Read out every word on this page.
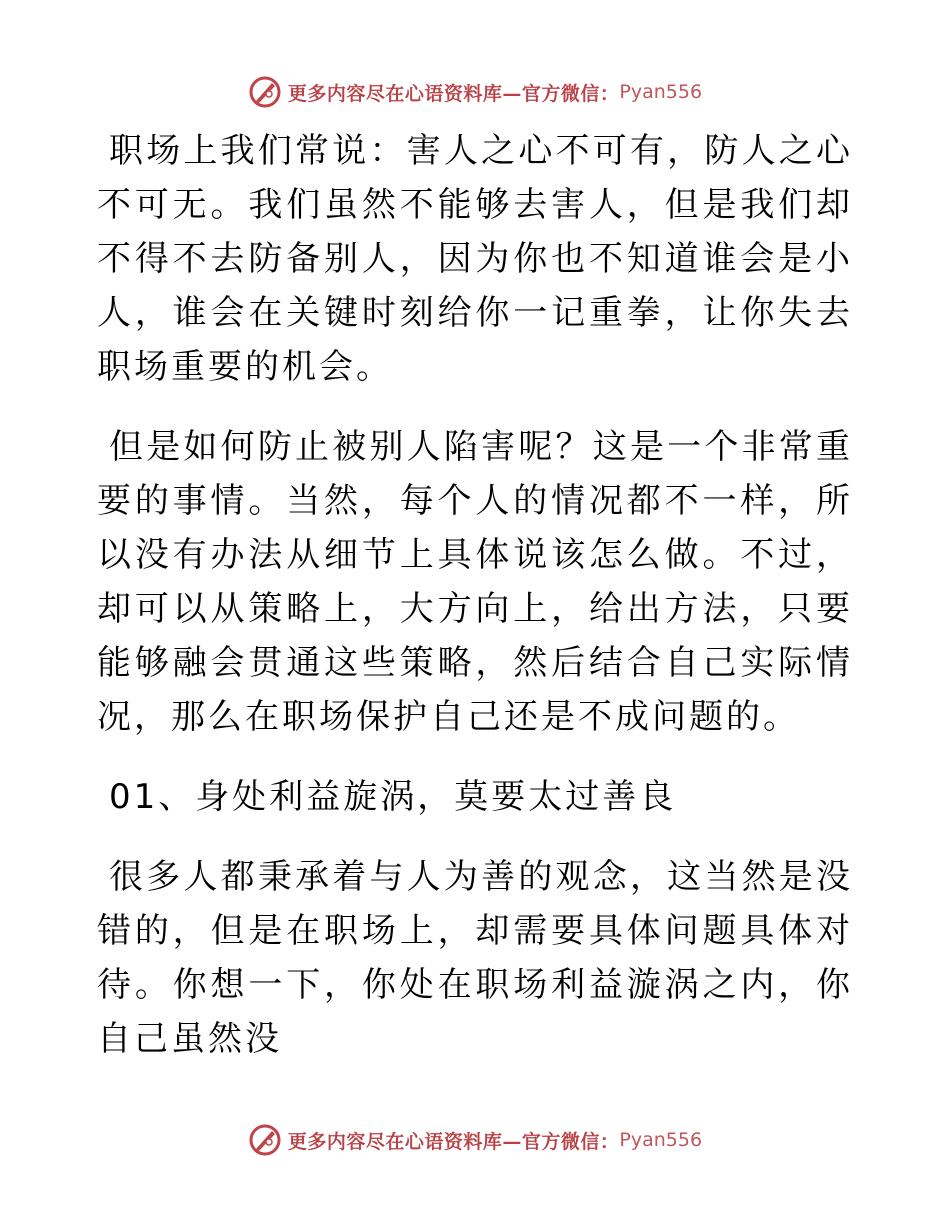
更多内容尽在心语资料库—官方微信： Pyan556

职场上我们常说：害人之心不可有，防人之心不可无。我们虽然不能够去害人，但是我们却不得不去防备别人，因为你也不知道谁会是小人，谁会在关键时刻给你一记重拳，让你失去职场重要的机会。

但是如何防止被别人陷害呢？这是一个非常重要的事情。当然，每个人的情况都不一样，所以没有办法从细节上具体说该怎么做。不过，却可以从策略上，大方向上，给出方法，只要能够融会贯通这些策略，然后结合自己实际情况，那么在职场保护自己还是不成问题的。

01、身处利益旋涡，莫要太过善良

很多人都秉承着与人为善的观念，这当然是没错的，但是在职场上，却需要具体问题具体对待。你想一下，你处在职场利益漩涡之内，你自己虽然没

更多内容尽在心语资料库—官方微信： Pyan556
